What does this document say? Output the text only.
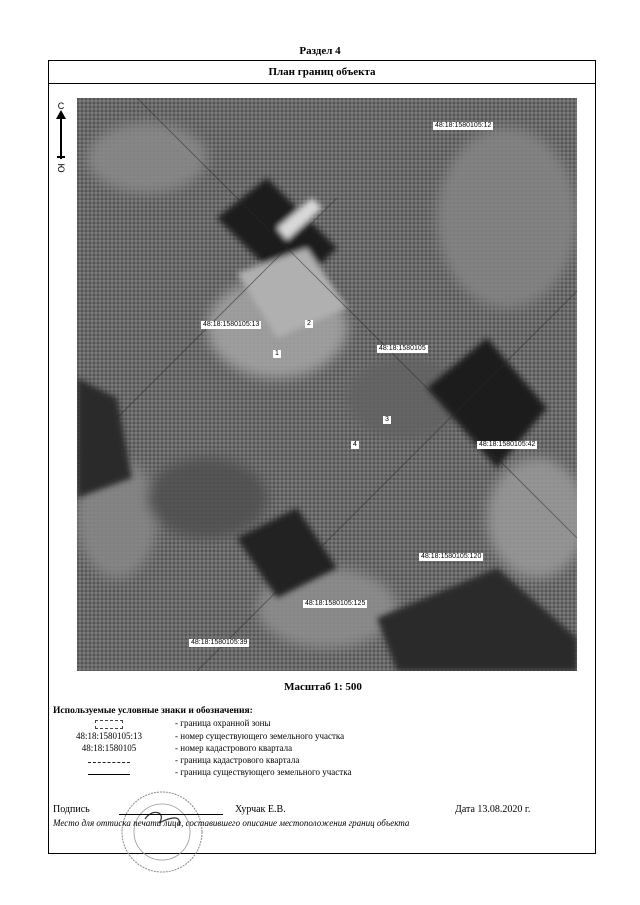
Раздел 4
План границ объекта
С
Ю
48:18:1580105:12
48:18:1580105:13
48:18:1580105
48:18:1580105:42
48:18:1580105:120
48:18:1580105:125
48:18:1580105:39
2
1
3
4
Масштаб 1: 500
Используемые условные знаки и обозначения:
- граница охранной зоны
48:18:1580105:13	- номер существующего земельного участка
48:18:1580105	- номер кадастрового квартала
- граница кадастрового квартала
- граница существующего земельного участка
Подпись	Хурчак Е.В.	Дата 13.08.2020 г.
Место для оттиска печати лица, составившего описание местоположения границ объекта
